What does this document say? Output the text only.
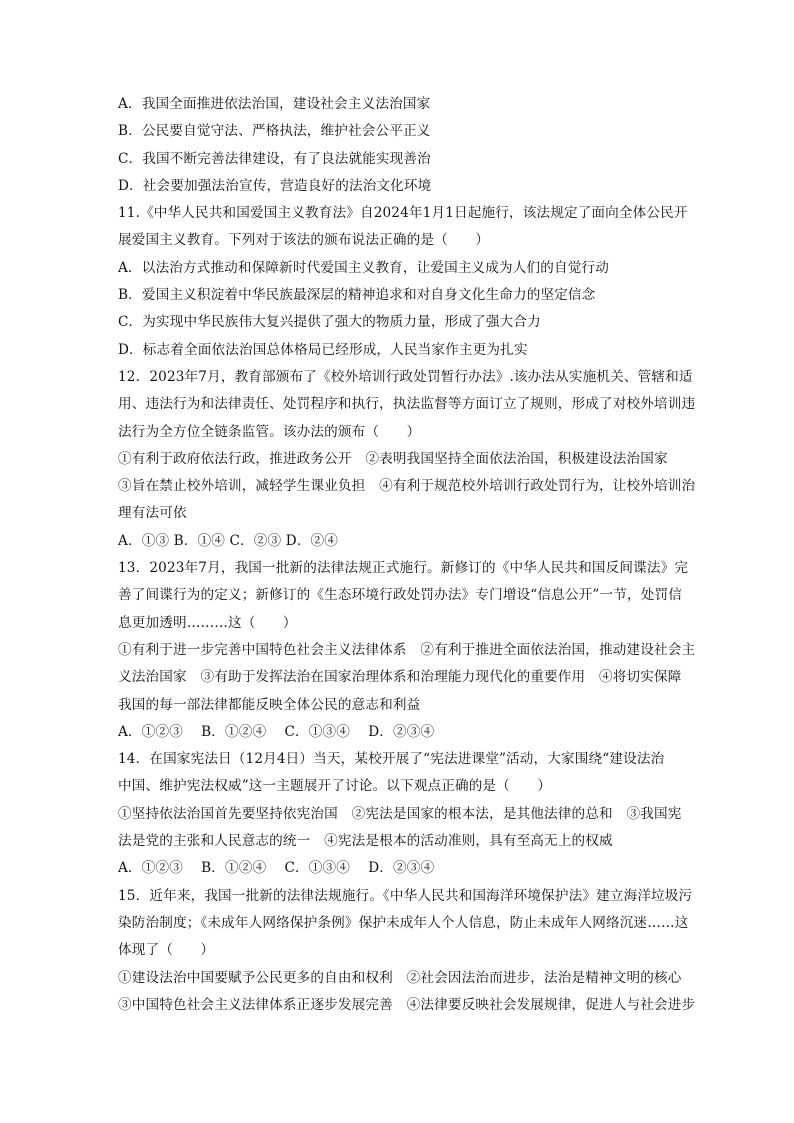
A．我国全面推进依法治国，建设社会主义法治国家
B．公民要自觉守法、严格执法，维护社会公平正义
C．我国不断完善法律建设，有了良法就能实现善治
D．社会要加强法治宣传，营造良好的法治文化环境
11.《中华人民共和国爱国主义教育法》自2024年1月1日起施行，该法规定了面向全体公民开
展爱国主义教育。下列对于该法的颁布说法正确的是（　　）
A．以法治方式推动和保障新时代爱国主义教育，让爱国主义成为人们的自觉行动
B．爱国主义积淀着中华民族最深层的精神追求和对自身文化生命力的坚定信念
C．为实现中华民族伟大复兴提供了强大的物质力量，形成了强大合力
D．标志着全面依法治国总体格局已经形成，人民当家作主更为扎实
12．2023年7月，教育部颁布了《校外培训行政处罚暂行办法》.该办法从实施机关、管辖和适
用、违法行为和法律责任、处罚程序和执行，执法监督等方面订立了规则，形成了对校外培训违
法行为全方位全链条监管。该办法的颁布（　　）
①有利于政府依法行政，推进政务公开　②表明我国坚持全面依法治国，积极建设法治国家
③旨在禁止校外培训，减轻学生课业负担　④有利于规范校外培训行政处罚行为，让校外培训治
理有法可依
A．①③ B．①④ C．②③ D．②④
13．2023年7月，我国一批新的法律法规正式施行。新修订的《中华人民共和国反间谍法》完
善了间谍行为的定义；新修订的《生态环境行政处罚办法》专门增设“信息公开”一节，处罚信
息更加透明………这（　　）
①有利于进一步完善中国特色社会主义法律体系　②有利于推进全面依法治国，推动建设社会主
义法治国家　③有助于发挥法治在国家治理体系和治理能力现代化的重要作用　④将切实保障
我国的每一部法律都能反映全体公民的意志和利益
A．①②③　 B．①②④　 C．①③④　 D．②③④
14．在国家宪法日（12月4日）当天，某校开展了“宪法进课堂”活动，大家围绕“建设法治
中国、维护宪法权威”这一主题展开了讨论。以下观点正确的是（　　）
①坚持依法治国首先要坚持依宪治国　②宪法是国家的根本法，是其他法律的总和　③我国宪
法是党的主张和人民意志的统一　④宪法是根本的活动准则，具有至高无上的权威
A．①②③　 B．①②④　 C．①③④　 D．②③④
15．近年来，我国一批新的法律法规施行。《中华人民共和国海洋环境保护法》建立海洋垃圾污
染防治制度；《未成年人网络保护条例》保护未成年人个人信息，防止未成年人网络沉迷……这
体现了（　　）
①建设法治中国要赋予公民更多的自由和权利　②社会因法治而进步，法治是精神文明的核心
③中国特色社会主义法律体系正逐步发展完善　④法律要反映社会发展规律，促进人与社会进步
